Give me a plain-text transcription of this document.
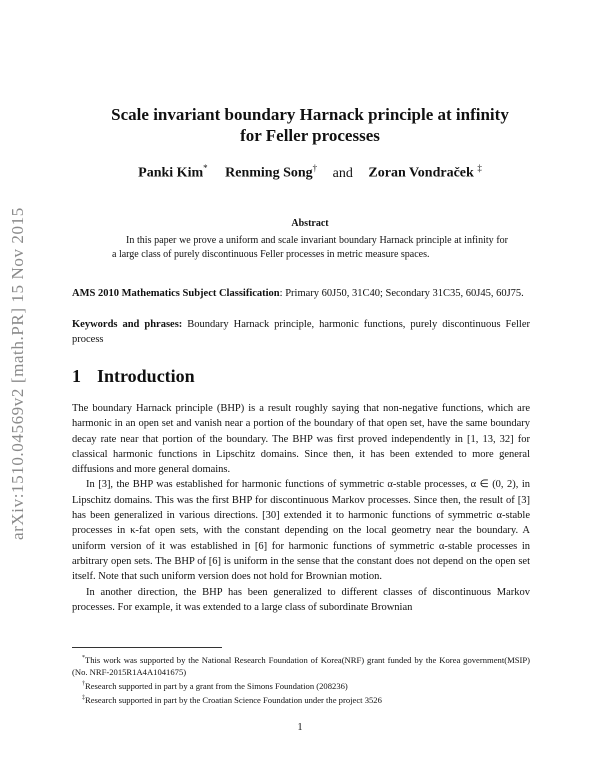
arXiv:1510.04569v2 [math.PR] 15 Nov 2015
Scale invariant boundary Harnack principle at infinity
for Feller processes
Panki Kim* Renming Song† and Zoran Vondraček ‡
Abstract

In this paper we prove a uniform and scale invariant boundary Harnack principle at infinity for a large class of purely discontinuous Feller processes in metric measure spaces.

AMS 2010 Mathematics Subject Classification: Primary 60J50, 31C40; Secondary 31C35, 60J45, 60J75.

Keywords and phrases: Boundary Harnack principle, harmonic functions, purely discontinuous Feller process

1 Introduction

The boundary Harnack principle (BHP) is a result roughly saying that non-negative functions, which are harmonic in an open set and vanish near a portion of the boundary of that open set, have the same boundary decay rate near that portion of the boundary. The BHP was first proved independently in [1, 13, 32] for classical harmonic functions in Lipschitz domains. Since then, it has been extended to more general diffusions and more general domains.

In [3], the BHP was established for harmonic functions of symmetric α-stable processes, α ∈ (0, 2), in Lipschitz domains. This was the first BHP for discontinuous Markov processes. Since then, the result of [3] has been generalized in various directions. [30] extended it to harmonic functions of symmetric α-stable processes in κ-fat open sets, with the constant depending on the local geometry near the boundary. A uniform version of it was established in [6] for harmonic functions of symmetric α-stable processes in arbitrary open sets. The BHP of [6] is uniform in the sense that the constant does not depend on the open set itself. Note that such uniform version does not hold for Brownian motion.

In another direction, the BHP has been generalized to different classes of discontinuous Markov processes. For example, it was extended to a large class of subordinate Brownian

*This work was supported by the National Research Foundation of Korea(NRF) grant funded by the Korea government(MSIP) (No. NRF-2015R1A4A1041675)

†Research supported in part by a grant from the Simons Foundation (208236)

‡Research supported in part by the Croatian Science Foundation under the project 3526

1
